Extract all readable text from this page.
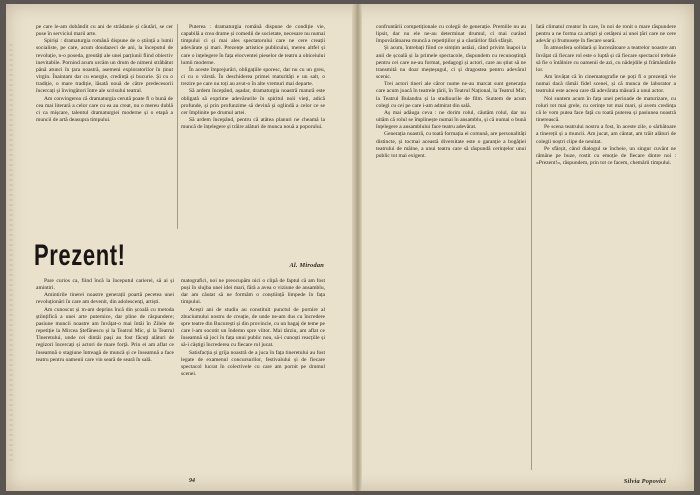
pe care le-am dobândit cu ani de strădanie și căutări, se cer puse în serviciul marii arte.

Spiriși : dramaturgia română dispune de o știință a lumii socialiste, pe care, acum doudazeci de ani, la începutul de revoluție, n-o posedа, greutăți ale unei parțiunii fiind obiectiv inevitabile. Pornind acum urcăm un drum de nimeni străbătut până atunci în țara noastră, asemeni exploratorilor în ținut virgin. Înaintam dar cu energie, credință și bucurie. Și cu o tradiție, o mare tradiție, lăsată nouă de către predecesorii încercați și învingători între ale scrisului teatral.

Am convingerea că dramaturgia cerută poate fi o bună de cea mai literară a celor care cu ea au creat, nu o mereu dublă ci ca mișcare, talentul dramaturgiei moderne și o etapă a muncii de artă deasupra timpului.

Puterea : dramaturgia română dispune de condiție vie, capabilă a crea drame și comedii de societate, necesare nu numai timpului ci și mai ales spectatorului care ne cere creații adevărate și mari. Prezențe artistice publicului, mereu altfel și care o ințelegere în fața elocventei pieselor de teatru a obiceiului lumii moderne.

În aceste împrejurări, obligațiile sporesc, dar nu cu un greu, ci cu o vârstă. În deschiderea primei maturități e un salt, o trezire pe care nu toți au avut-o în alte vremuri mai departe.

Să ardem începând, așadar, dramaturgia noastră matură este obligată să exprime adevărurile în spiritul noii vieți, adică profunde, și prin profunzime să devină și oglindă a celor ce se cer împlinite pe drumul artei.

Să ardem începând, pentru că atâtea planuri ne cheamă la muncă de înțelegere și trăire alături de munca nouă a poporului.

Al. Mirodan
Prezent!

Pare curios ca, fiind încă la începutul carierei, să ai și amintiri.

Amintirile tinerei noastre generații poartă pecetea unei revoluționări în care am devenit, din adolescenți, artiști.

Am cunoscut și m-am deprins încă din școală cu metoda științifică a unei arte puternice, dar pline de răspundere; pasiune muncii noastre am învățat-o mai întâi în Zilele de repetiție la Mircea Ștefănescu și la Teatrul Mic, și la Teatrul Tineretului, unde cei dintâi pași au fost făcuți alături de regizori încercați și actori de mare forță. Prin ei am aflat ce înseamnă o stagiune întreagă de muncă și ce înseamnă a face teatru pentru oamenii care vin seară de seară în sală.

matografici, noi ne preocupăm nici o clipă de faptul că am fost puși în slujba unei idei mari, fără a avea o viziune de ansamblu, dar am căutat să ne formăm o conștiință limpede în fața timpului.

Acești ani de studiu au constituit punctul de pornire al zbuciumului nostru de creație, de unde ne-am dus cu încredere spre teatre din București și din provincie, cu un bagaj de teme pe care l-am socotit un îndemn spre viitor. Mai târziu, am aflat ce înseamnă să joci în fața unui public nou, să-i cunoști reacțiile și să-i câștigi încrederea cu fiecare rol jucat.

Satisfacția și grija noastră de a juca în fața tineretului au fost legate de examenul concursurilor, festivalului și de fiecare spectacol lucrat în colectivele cu care am pornit pe drumul scenei.

94

confruntării competiționale cu colegii de generație. Premiile nu au lipsit, dar nu ele ne-au determinat drumul, ci mai curând împovărătoarea muncă a repetițiilor și a căutărilor fără sfârșit.

Și acum, întrebați fiind ce simțim astăzi, când privim înapoi la anii de școală și la primele spectacole, răspundem cu recunoștință pentru cei care ne-au format, pedagogi și actori, care au știut să ne transmită nu doar meșteșugul, ci și dragostea pentru adevărul scenic.

Trei actori tineri ale căror nume ne-au marcat sunt generația care acum joacă în teatrele țării, în Teatrul Național, la Teatrul Mic, la Teatrul Bulandra și la studiourile de film. Suntem de acum colegi cu cei pe care i-am admirat din sală.

Aș mai adăuga ceva : ne dorim rolul, căutăm rolul, dar nu uităm că rolul se împlinește numai în ansamblu, și că numai o bună înțelegere a ansamblului face teatru adevărat.

Generația noastră, cu toată formația ei comună, are personalități distincte, și tocmai această diversitate este o garanție a bogăției teatrului de mâine, a unui teatru care să răspundă cerințelor unui public tot mai exigent.

Iată climatul creator în care, în noi de ronit o mare răspundere pentru a ne forma ca artiști și cetățeni ai unei țări care ne cere adevăr și frumusețe în fiecare seară.

În atmosfera solidară și încrezătoare a teatrelor noastre am învățat că fiecare rol este o luptă și că fiecare spectacol trebuie să fie o întâlnire cu oamenii de azi, cu nădejdile și frământările lor.

Am învățat că în cinematografie ne poți fi o prezență vie numai dacă rămâi fidel scenei, și că munca de laborator a teatrului este aceea care dă adevărata măsură a unui actor.

Noi suntem acum în fața unei perioade de maturizare, cu roluri tot mai grele, cu cerințe tot mai mari, și avem credința că le vom putea face față cu toată puterea și pasiunea noastră tinerească.

Pe scena teatrului nostru a fost, în aceste zile, o sărbătoare a tinereții și a muncii. Am jucat, am cântat, am trăit alături de colegii noștri clipe de neuitat.

Pe sfârșit, când dialogul se încheie, un singur cuvânt ne rămâne pe buze, rostit cu emoție de fiecare dintre noi : «Prezent!», răspundem, prin tot ce facem, chemării timpului.

Silvia Popovici
